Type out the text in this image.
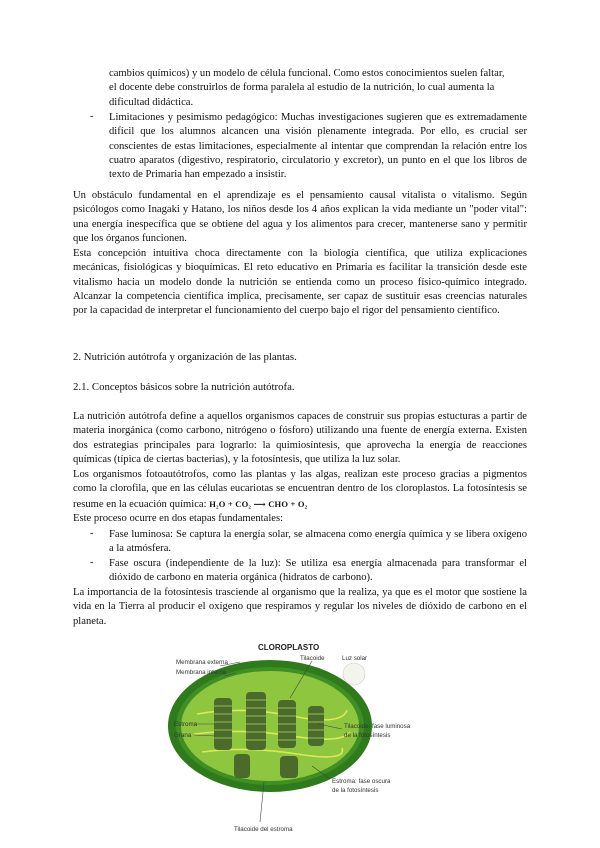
cambios químicos) y un modelo de célula funcional. Como estos conocimientos suelen faltar,

el docente debe construirlos de forma paralela al estudio de la nutrición, lo cual aumenta la

dificultad didáctica.

- Limitaciones y pesimismo pedagógico: Muchas investigaciones sugieren que es extremadamente difícil que los alumnos alcancen una visión plenamente integrada. Por ello, es crucial ser conscientes de estas limitaciones, especialmente al intentar que comprendan la relación entre los cuatro aparatos (digestivo, respiratorio, circulatorio y excretor), un punto en el que los libros de texto de Primaria han empezado a insistir.

Un obstáculo fundamental en el aprendizaje es el pensamiento causal vitalista o vitalismo. Según psicólogos como Inagaki y Hatano, los niños desde los 4 años explican la vida mediante un "poder vital": una energía inespecífica que se obtiene del agua y los alimentos para crecer, mantenerse sano y permitir que los órganos funcionen.

Esta concepción intuitiva choca directamente con la biología científica, que utiliza explicaciones mecánicas, fisiológicas y bioquímicas. El reto educativo en Primaria es facilitar la transición desde este vitalismo hacia un modelo donde la nutrición se entienda como un proceso físico-químico integrado. Alcanzar la competencia científica implica, precisamente, ser capaz de sustituir esas creencias naturales por la capacidad de interpretar el funcionamiento del cuerpo bajo el rigor del pensamiento científico.

2. Nutrición autótrofa y organización de las plantas.
2.1. Conceptos básicos sobre la nutrición autótrofa.

La nutrición autótrofa define a aquellos organismos capaces de construir sus propias estucturas a partir de materia inorgánica (como carbono, nitrógeno o fósforo) utilizando una fuente de energía externa. Existen dos estrategias principales para lograrlo: la quimiosíntesis, que aprovecha la energía de reacciones químicas (típica de ciertas bacterias), y la fotosíntesis, que utiliza la luz solar.

Los organismos fotoautótrofos, como las plantas y las algas, realizan este proceso gracias a pigmentos como la clorofila, que en las células eucariotas se encuentran dentro de los cloroplastos. La fotosíntesis se resume en la ecuación química: H₂O + CO₂ ⟶ CHO + O₂

Este proceso ocurre en dos etapas fundamentales:

- Fase luminosa: Se captura la energía solar, se almacena como energía química y se libera oxígeno a la atmósfera.

- Fase oscura (independiente de la luz): Se utiliza esa energía almacenada para transformar el dióxido de carbono en materia orgánica (hidratos de carbono).

La importancia de la fotosíntesis trasciende al organismo que la realiza, ya que es el motor que sostiene la vida en la Tierra al producir el oxígeno que respiramos y regular los niveles de dióxido de carbono en el planeta.

CLOROPLASTO
Tilacoide	Luz solar
Membrana externa
Membrana interna
Estroma
Grana
Tilacoide: fase luminosa
de la fotosíntesis
Estroma: fase oscura
de la fotosíntesis
Tilacoide del estroma
